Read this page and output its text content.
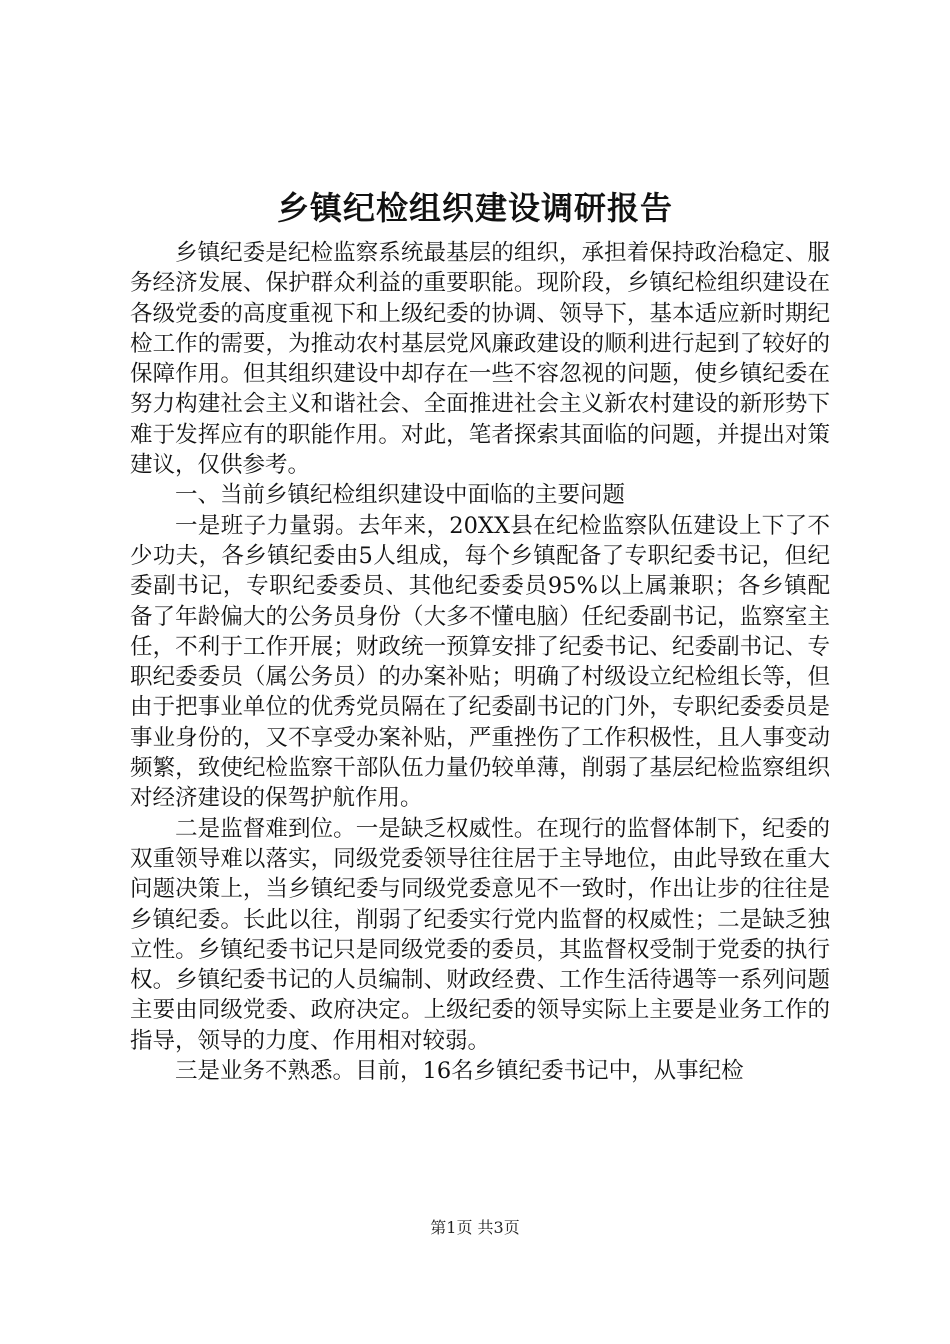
乡镇纪检组织建设调研报告

乡镇纪委是纪检监察系统最基层的组织，承担着保持政治稳定、服务经济发展、保护群众利益的重要职能。现阶段，乡镇纪检组织建设在各级党委的高度重视下和上级纪委的协调、领导下，基本适应新时期纪检工作的需要，为推动农村基层党风廉政建设的顺利进行起到了较好的保障作用。但其组织建设中却存在一些不容忽视的问题，使乡镇纪委在努力构建社会主义和谐社会、全面推进社会主义新农村建设的新形势下难于发挥应有的职能作用。对此，笔者探索其面临的问题，并提出对策建议，仅供参考。

一、当前乡镇纪检组织建设中面临的主要问题

一是班子力量弱。去年来，20XX县在纪检监察队伍建设上下了不少功夫，各乡镇纪委由5人组成，每个乡镇配备了专职纪委书记，但纪委副书记，专职纪委委员、其他纪委委员95%以上属兼职；各乡镇配备了年龄偏大的公务员身份（大多不懂电脑）任纪委副书记，监察室主任，不利于工作开展；财政统一预算安排了纪委书记、纪委副书记、专职纪委委员（属公务员）的办案补贴；明确了村级设立纪检组长等，但由于把事业单位的优秀党员隔在了纪委副书记的门外，专职纪委委员是事业身份的，又不享受办案补贴，严重挫伤了工作积极性，且人事变动频繁，致使纪检监察干部队伍力量仍较单薄，削弱了基层纪检监察组织对经济建设的保驾护航作用。

二是监督难到位。一是缺乏权威性。在现行的监督体制下，纪委的双重领导难以落实，同级党委领导往往居于主导地位，由此导致在重大问题决策上，当乡镇纪委与同级党委意见不一致时，作出让步的往往是乡镇纪委。长此以往，削弱了纪委实行党内监督的权威性；二是缺乏独立性。乡镇纪委书记只是同级党委的委员，其监督权受制于党委的执行权。乡镇纪委书记的人员编制、财政经费、工作生活待遇等一系列问题主要由同级党委、政府决定。上级纪委的领导实际上主要是业务工作的指导，领导的力度、作用相对较弱。

三是业务不熟悉。目前，16名乡镇纪委书记中，从事纪检

第1页 共3页
